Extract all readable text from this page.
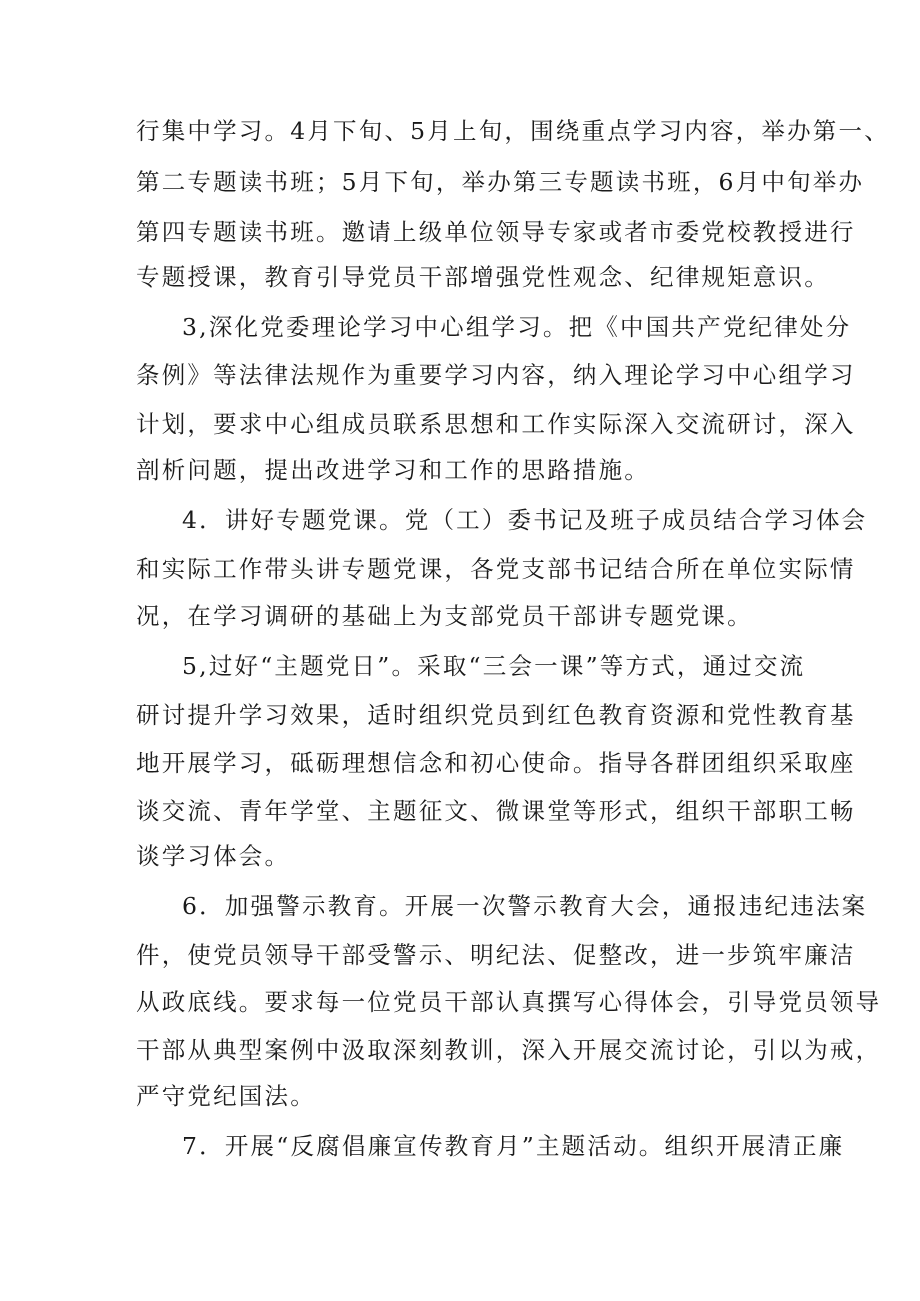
行集中学习。4月下旬、5月上旬，围绕重点学习内容，举办第一、
第二专题读书班；5月下旬，举办第三专题读书班，6月中旬举办
第四专题读书班。邀请上级单位领导专家或者市委党校教授进行
专题授课，教育引导党员干部增强党性观念、纪律规矩意识。
3,深化党委理论学习中心组学习。把《中国共产党纪律处分
条例》等法律法规作为重要学习内容，纳入理论学习中心组学习
计划，要求中心组成员联系思想和工作实际深入交流研讨，深入
剖析问题，提出改进学习和工作的思路措施。
4．讲好专题党课。党（工）委书记及班子成员结合学习体会
和实际工作带头讲专题党课，各党支部书记结合所在单位实际情
况，在学习调研的基础上为支部党员干部讲专题党课。
5,过好“主题党日”。采取“三会一课”等方式，通过交流
研讨提升学习效果，适时组织党员到红色教育资源和党性教育基
地开展学习，砥砺理想信念和初心使命。指导各群团组织采取座
谈交流、青年学堂、主题征文、微课堂等形式，组织干部职工畅
谈学习体会。
6．加强警示教育。开展一次警示教育大会，通报违纪违法案
件，使党员领导干部受警示、明纪法、促整改，进一步筑牢廉洁
从政底线。要求每一位党员干部认真撰写心得体会，引导党员领导
干部从典型案例中汲取深刻教训，深入开展交流讨论，引以为戒，
严守党纪国法。
7．开展“反腐倡廉宣传教育月”主题活动。组织开展清正廉
